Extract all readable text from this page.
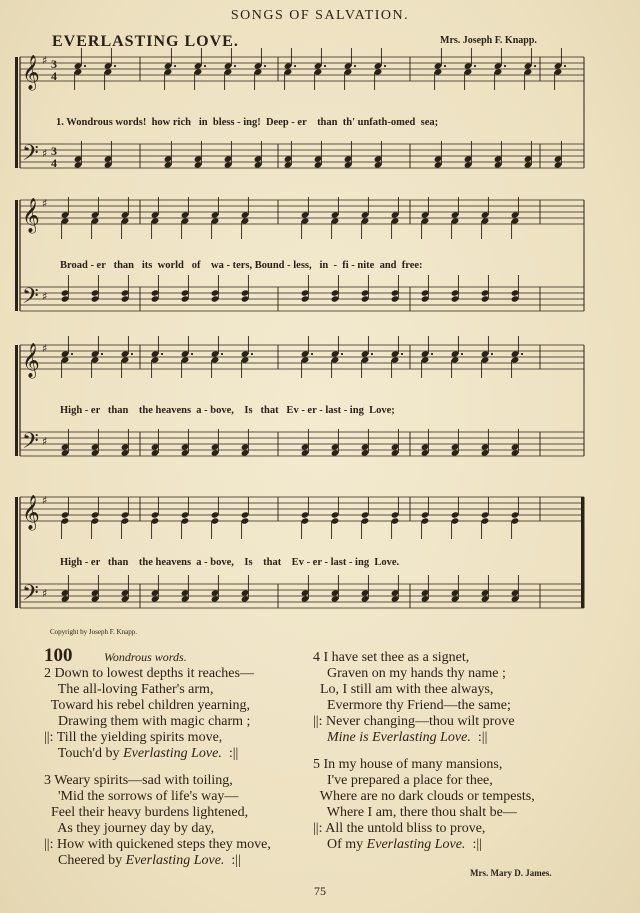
SONGS OF SALVATION.
EVERLASTING LOVE.	Mrs. Joseph F. Knapp.
𝄞
𝄢
♯
♯
3
4
3
4
𝄞
𝄢
♯
♯
𝄞
𝄢
♯
♯
𝄞
𝄢
♯
♯
1. Wondrous words!  how rich   in  bless - ing!  Deep - er    than  th' unfath-omed  sea;
Broad - er   than   its  world   of    wa - ters, Bound - less,   in  -  fi - nite  and  free:
High - er   than    the heavens  a - bove,    Is   that   Ev - er - last - ing  Love;
High - er   than    the heavens  a - bove,    Is    that    Ev - er - last - ing  Love.
Copyright by Joseph F. Knapp.
100	Wondrous words.
2 Down to lowest depths it reaches—
The all-loving Father's arm,
Toward his rebel children yearning,
Drawing them with magic charm ;
||: Till the yielding spirits move,
Touch'd by Everlasting Love.  :||
3 Weary spirits—sad with toiling,
'Mid the sorrows of life's way—
Feel their heavy burdens lightened,
As they journey day by day,
||: How with quickened steps they move,
Cheered by Everlasting Love.  :||
4 I have set thee as a signet,
Graven on my hands thy name ;
Lo, I still am with thee always,
Evermore thy Friend—the same;
||: Never changing—thou wilt prove
Mine is Everlasting Love.  :||
5 In my house of many mansions,
I've prepared a place for thee,
Where are no dark clouds or tempests,
Where I am, there thou shalt be—
||: All the untold bliss to prove,
Of my Everlasting Love.  :||
Mrs. Mary D. James.
75
